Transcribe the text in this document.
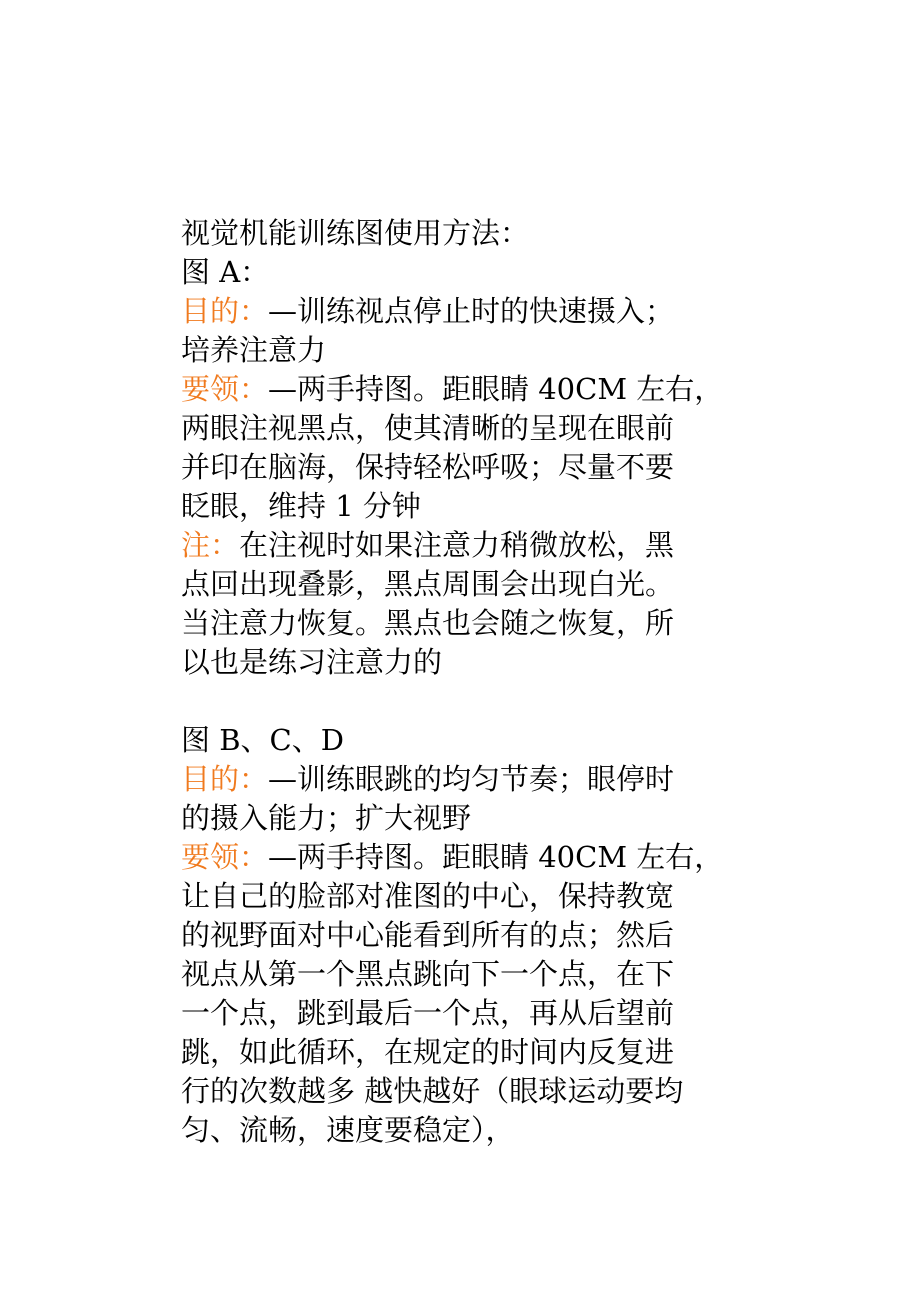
视觉机能训练图使用方法：
图 A：
目的：—训练视点停止时的快速摄入；
培养注意力
要领：—两手持图。距眼睛 40CM 左右，
两眼注视黑点，使其清晰的呈现在眼前
并印在脑海，保持轻松呼吸；尽量不要
眨眼，维持 1 分钟
注：在注视时如果注意力稍微放松，黑
点回出现叠影，黑点周围会出现白光。
当注意力恢复。黑点也会随之恢复，所
以也是练习注意力的
图 B、C、D
目的：—训练眼跳的均匀节奏；眼停时
的摄入能力；扩大视野
要领：—两手持图。距眼睛 40CM 左右，
让自己的脸部对准图的中心，保持教宽
的视野面对中心能看到所有的点；然后
视点从第一个黑点跳向下一个点，在下
一个点，跳到最后一个点，再从后望前
跳，如此循环，在规定的时间内反复进
行的次数越多 越快越好（眼球运动要均
匀、流畅，速度要稳定），
